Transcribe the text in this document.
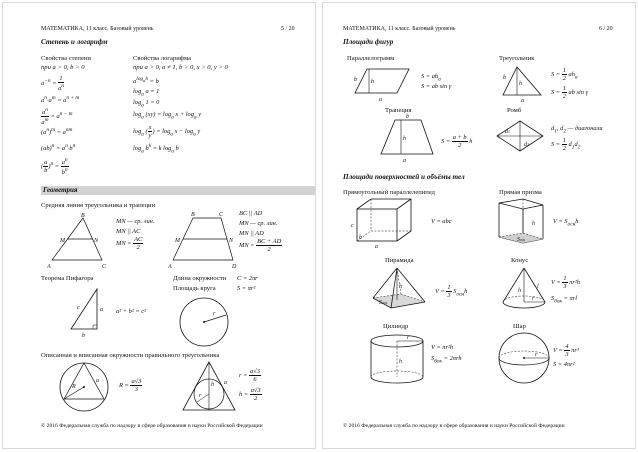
МАТЕМАТИКА, 11 класс. Базовый уровень	5 / 20
Степень и логарифм
Свойства степени
при a > 0, b > 0
$a^{-n} = \frac{1}{a^n}$
$a^n\cdot a^m = a^{n + m}$
$\frac{a^n}{a^m} = a^{n - m}$
$(a^n)^m = a^{nm}$
$(ab)^n = a^n\cdot b^n$
( $\frac{a}{b} )^n = \frac{a^n}{b^n}$
Свойства логарифма
при a > 0, a ≠ 1, b > 0, x > 0, y > 0
$a^{log_ab} = b$
$\log_a a = 1$
$\log_a 1 = 0$
$\log_a (xy) = \log_a x + \log_a y$
$\log_a$ ( $\frac{x}{y}$ ) = $\log_a x - \log_a y$
$\log_a b^k = k$ $\log_a b$
Геометрия
Средняя линия треугольника и трапеции
B
M	N
A	C
MN — ср. лин.
MN || AC
MN = $\frac{AC}{2}$
B	C
M	N
A	D
BC || AD
MN — ср. лин.
MN || AD
MN = $\frac{BC + AD}{2}$
Теорема Пифагора
c	a
b
a² + b² = c²
Длина окружности
Площадь круга
C = 2πr
S = πr²
r
Описанная и вписанная окружности правильного треугольника
R
a
$R = \frac{a√3}{3}$
r
h a
$r = \frac{a√3}{6}$
$h = \frac{a√3}{2}$
© 2016 Федеральная служба по надзору в сфере образования и науки Российской Федерации
МАТЕМАТИКА, 11 класс. Базовый уровень	6 / 20
Площади фигур
Параллелограмм
b h
a
$S = ah_a$
S = ab sin γ
Треугольник
b
h
a
$S = \frac{1}{2} ah_a$
$S = \frac{1}{2}$ ab sin γ
Трапеция
b
h
a
$S = \frac{a + b}{2}$ h
Ромб
d1
d2
$d_1$, $d_2$ — диагонали
$S = \frac{1}{2} d_1d_2$
Площади поверхностей и объёмы тел
Прямоугольный параллелепипед
c
b
a
V = abc
Прямая призма
h
Sосн
$V = S_{осн}h$
Пирамида
h
Sосн
$V = \frac{1}{3} S_{осн}h$
Конус
h
l
r
$V = \frac{1}{3} \pi r^2h$
$S_{бок} = \pi rl$
Цилиндр
r
h
V = πr²h
$S_{бок} = 2\pi rh$
Шар
r
$V = \frac{4}{3} \pi r^3$
S = 4πr²
© 2016 Федеральная служба по надзору в сфере образования и науки Российской Федерации
